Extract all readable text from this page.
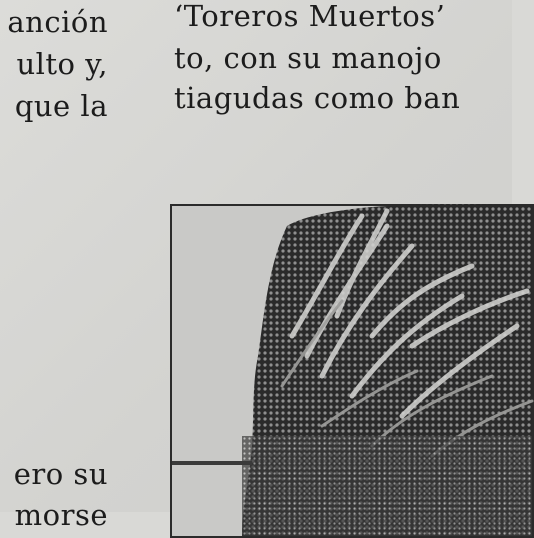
anción
ulto y,
que la
ero su
morse
‘Toreros Muertos’
to, con su manojo
tiagudas como ban
